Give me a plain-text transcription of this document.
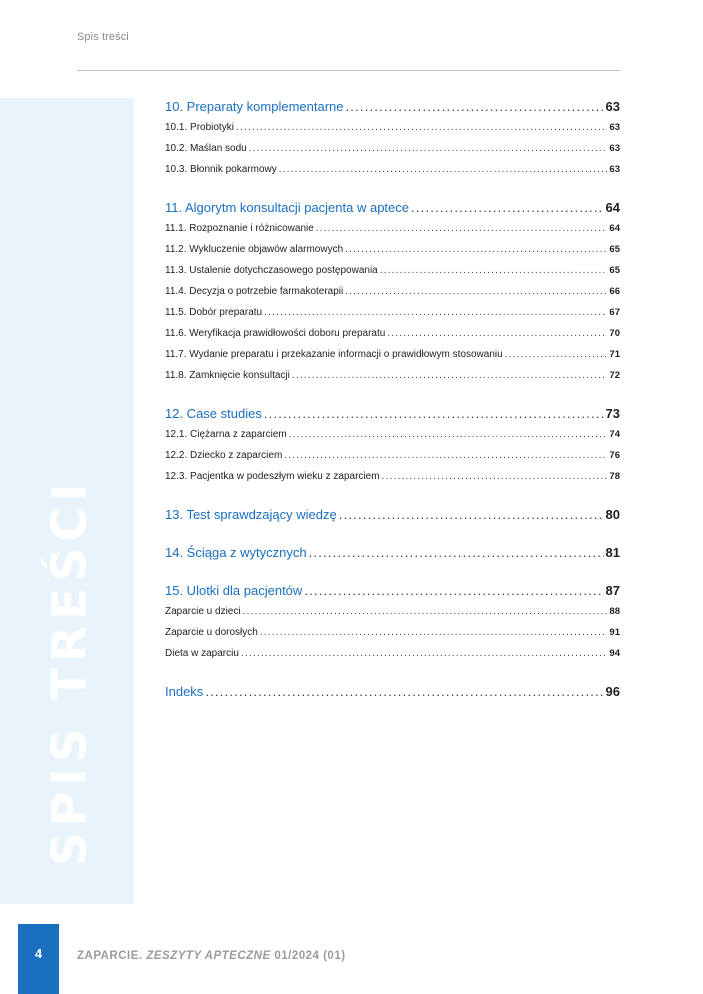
Spis treści
SPIS TREŚCI
10. Preparaty komplementarne .....	63
10.1. Probiotyki .....	63
10.2. Maślan sodu .....	63
10.3. Błonnik pokarmowy .....	63
11. Algorytm konsultacji pacjenta w aptece .....	64
11.1. Rozpoznanie i różnicowanie .....	64
11.2. Wykluczenie objawów alarmowych .....	65
11.3. Ustalenie dotychczasowego postępowania .....	65
11.4. Decyzja o potrzebie farmakoterapii .....	66
11.5. Dobór preparatu .....	67
11.6. Weryfikacja prawidłowości doboru preparatu .....	70
11.7. Wydanie preparatu i przekazanie informacji o prawidłowym stosowaniu .....	71
11.8. Zamknięcie konsultacji .....	72
12. Case studies .....	73
12.1. Ciężarna z zaparciem .....	74
12.2. Dziecko z zaparciem .....	76
12.3. Pacjentka w podeszłym wieku z zaparciem .....	78
13. Test sprawdzający wiedzę .....	80
14. Ściąga z wytycznych .....	81
15. Ulotki dla pacjentów .....	87
Zaparcie u dzieci .....	88
Zaparcie u dorosłych .....	91
Dieta w zaparciu .....	94
Indeks .....	96
4	ZAPARCIE. ZESZYTY APTECZNE 01/2024 (01)
